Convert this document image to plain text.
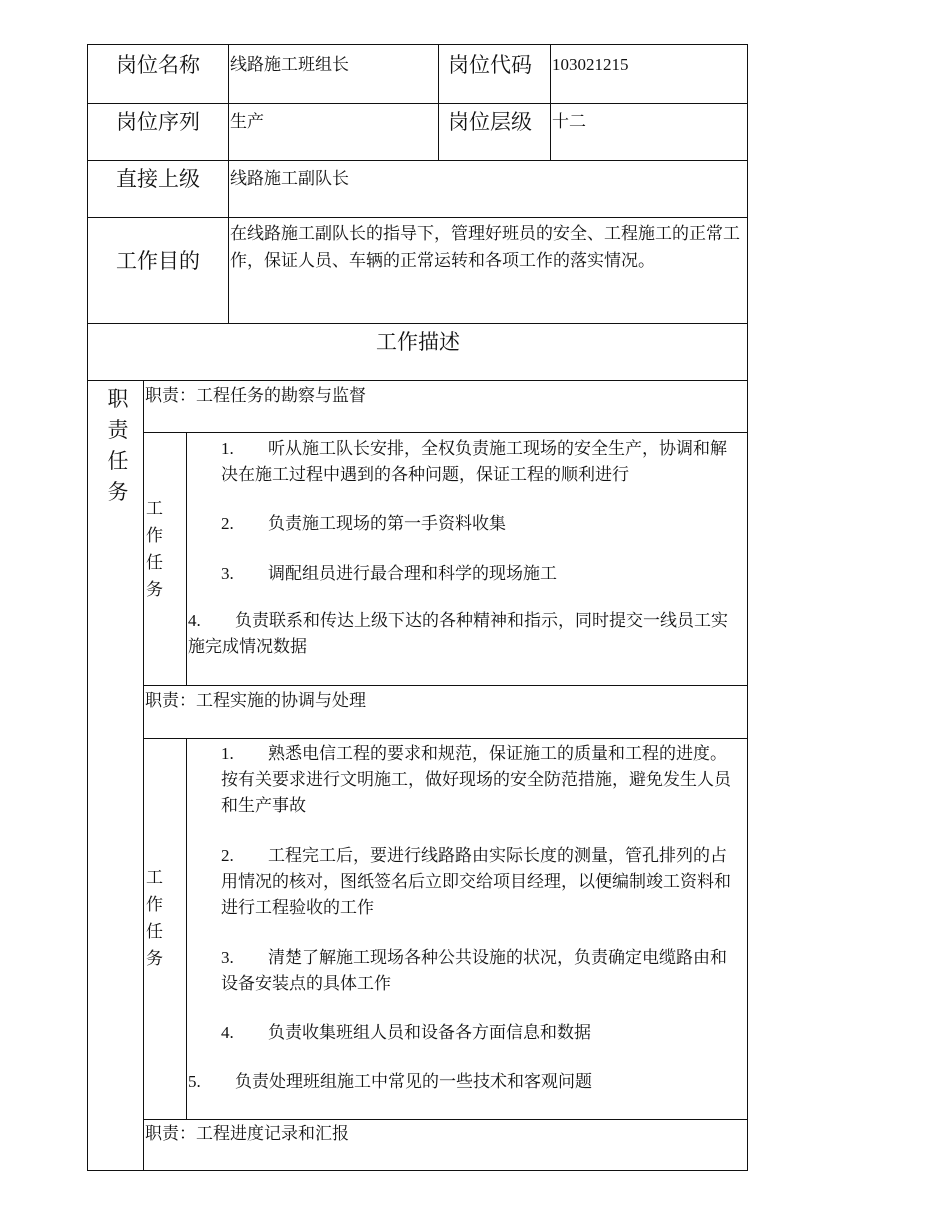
岗位名称 线路施工班组长	岗位代码 103021215
岗位序列 生产	岗位层级 十二
直接上级 线路施工副队长
工作目的
在线路施工副队长的指导下，管理好班员的安全、工程施工的正常工作，保证人员、车辆的正常运转和各项工作的落实情况。
工作描述
职
责
任
务
职责：工程任务的勘察与监督
工
作
任
务
1. 听从施工队长安排，全权负责施工现场的安全生产，协调和解决在施工过程中遇到的各种问题，保证工程的顺利进行
2. 负责施工现场的第一手资料收集
3. 调配组员进行最合理和科学的现场施工
4. 负责联系和传达上级下达的各种精神和指示，同时提交一线员工实施完成情况数据
职责：工程实施的协调与处理
工
作
任
务
1. 熟悉电信工程的要求和规范，保证施工的质量和工程的进度。按有关要求进行文明施工，做好现场的安全防范措施，避免发生人员和生产事故
2. 工程完工后，要进行线路路由实际长度的测量，管孔排列的占用情况的核对，图纸签名后立即交给项目经理，以便编制竣工资料和进行工程验收的工作
3. 清楚了解施工现场各种公共设施的状况，负责确定电缆路由和设备安装点的具体工作
4. 负责收集班组人员和设备各方面信息和数据
5. 负责处理班组施工中常见的一些技术和客观问题
职责：工程进度记录和汇报
